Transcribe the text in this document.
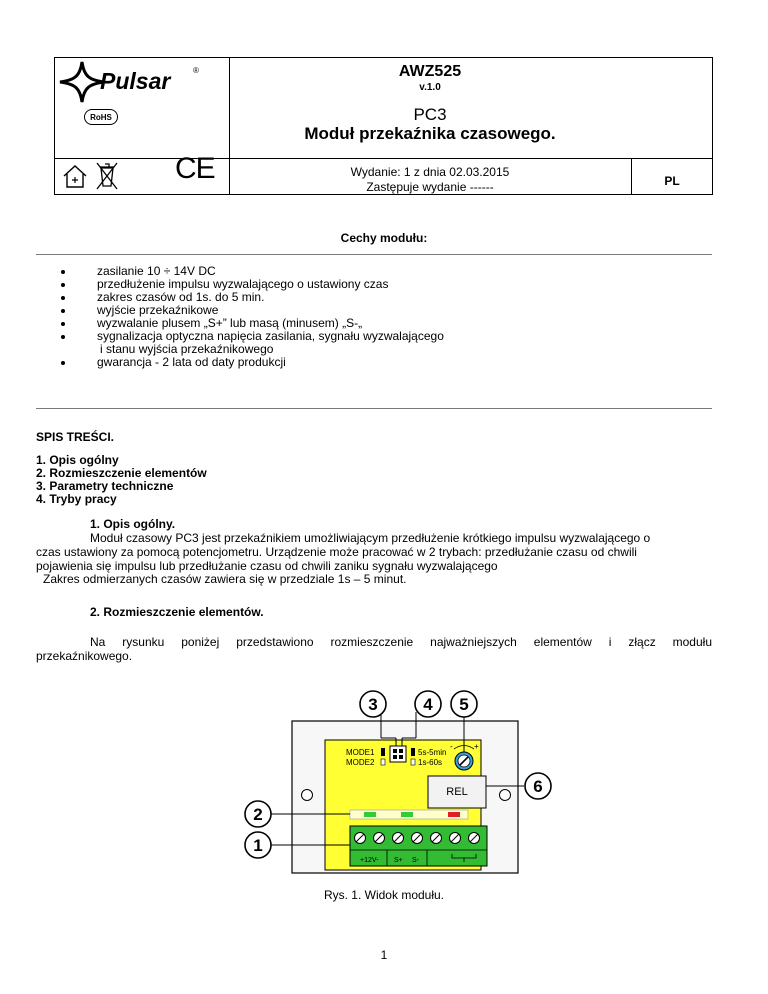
Pulsar	®	AWZ525
v.1.0
PC3
Moduł przekaźnika czasowego.
Wydanie: 1 z dnia 02.03.2015
Zastępuje wydanie ------	PL
RoHS
CE
Cechy modułu:
zasilanie 10 ÷ 14V DC
przedłużenie impulsu wyzwalającego o ustawiony czas
zakres czasów od 1s. do 5 min.
wyjście przekaźnikowe
wyzwalanie plusem „S+” lub masą (minusem) „S-„
sygnalizacja optyczna napięcia zasilania, sygnału wyzwalającego
i stanu wyjścia przekaźnikowego
gwarancja - 2 lata od daty produkcji
SPIS TREŚCI.
1. Opis ogólny
2. Rozmieszczenie elementów
3. Parametry techniczne
4. Tryby pracy
1. Opis ogólny.
Moduł czasowy PC3 jest przekaźnikiem umożliwiającym przedłużenie krótkiego impulsu wyzwalającego o
czas ustawiony za pomocą potencjometru. Urządzenie może pracować w 2 trybach: przedłużanie czasu od chwili
pojawienia się impulsu lub przedłużanie czasu od chwili zaniku sygnału wyzwalającego
Zakres odmierzanych czasów zawiera się w przedziale 1s – 5 minut.
2. Rozmieszczenie elementów.
Na rysunku poniżej przedstawiono rozmieszczenie najważniejszych elementów i złącz modułu
przekaźnikowego.
MODE1
MODE2
5s-5min
1s-60s
-	+
REL
+12V- S+ S-
3	4 5
6
2
1
Rys. 1. Widok modułu.
1
